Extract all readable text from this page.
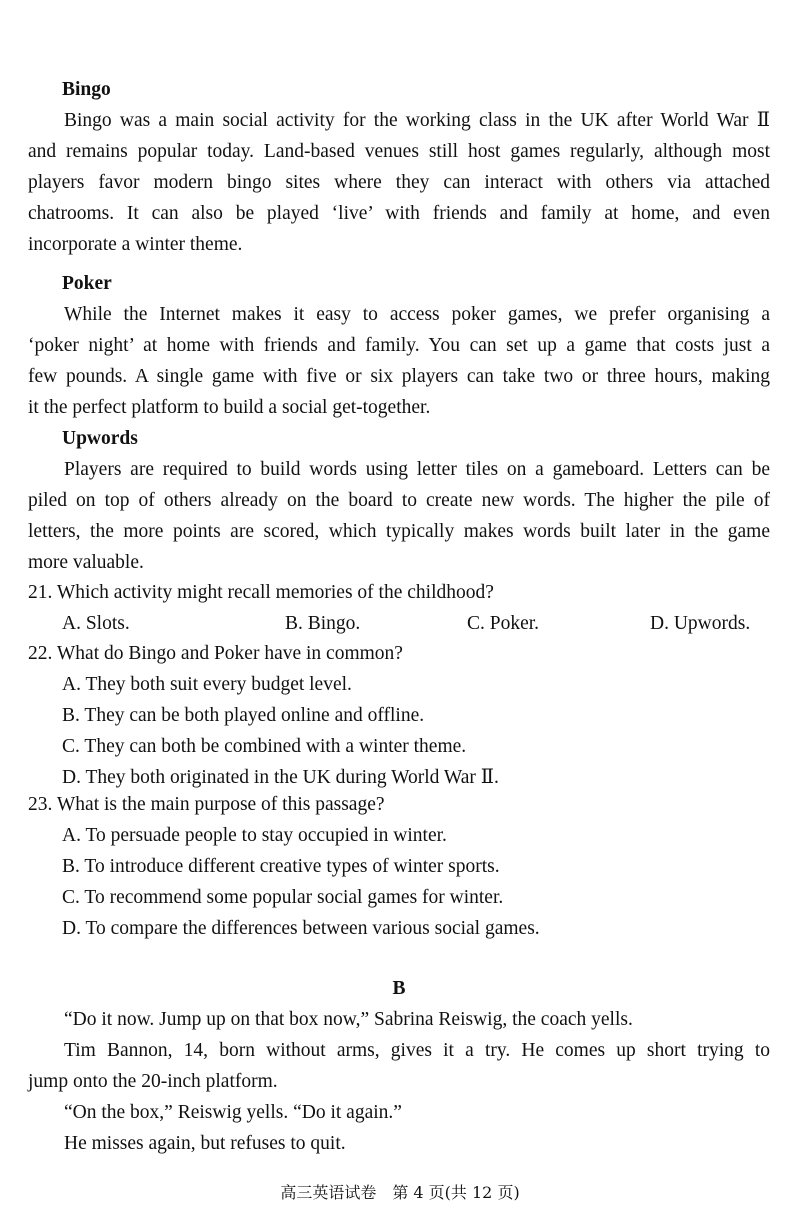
Bingo
Bingo was a main social activity for the working class in the UK after World War Ⅱ
and remains popular today. Land-based venues still host games regularly, although most
players favor modern bingo sites where they can interact with others via attached
chatrooms. It can also be played ‘live’ with friends and family at home, and even
incorporate a winter theme.
Poker
While the Internet makes it easy to access poker games, we prefer organising a
‘poker night’ at home with friends and family. You can set up a game that costs just a
few pounds. A single game with five or six players can take two or three hours, making
it the perfect platform to build a social get-together.
Upwords
Players are required to build words using letter tiles on a gameboard. Letters can be
piled on top of others already on the board to create new words. The higher the pile of
letters, the more points are scored, which typically makes words built later in the game
more valuable.
21. Which activity might recall memories of the childhood?
A. Slots.	B. Bingo.	C. Poker.	D. Upwords.
22. What do Bingo and Poker have in common?
A. They both suit every budget level.
B. They can be both played online and offline.
C. They can both be combined with a winter theme.
D. They both originated in the UK during World War Ⅱ.
23. What is the main purpose of this passage?
A. To persuade people to stay occupied in winter.
B. To introduce different creative types of winter sports.
C. To recommend some popular social games for winter.
D. To compare the differences between various social games.
B
“Do it now. Jump up on that box now,” Sabrina Reiswig, the coach yells.
Tim Bannon, 14, born without arms, gives it a try. He comes up short trying to
jump onto the 20-inch platform.
“On the box,” Reiswig yells. “Do it again.”
He misses again, but refuses to quit.
高三英语试卷　第 4 页(共 12 页)
